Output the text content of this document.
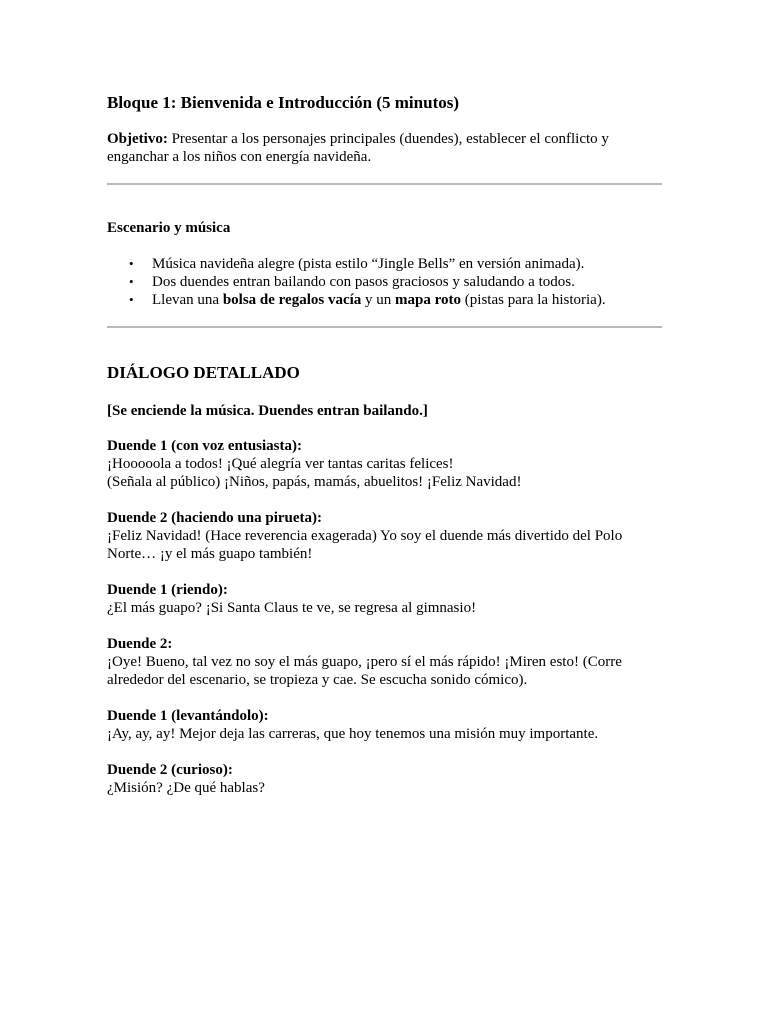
Bloque 1: Bienvenida e Introducción (5 minutos)
Objetivo: Presentar a los personajes principales (duendes), establecer el conflicto y enganchar a los niños con energía navideña.
Escenario y música
• Música navideña alegre (pista estilo “Jingle Bells” en versión animada).
• Dos duendes entran bailando con pasos graciosos y saludando a todos.
• Llevan una bolsa de regalos vacía y un mapa roto (pistas para la historia).
DIÁLOGO DETALLADO
[Se enciende la música. Duendes entran bailando.]
Duende 1 (con voz entusiasta):
¡Hooooola a todos! ¡Qué alegría ver tantas caritas felices!
(Señala al público) ¡Niños, papás, mamás, abuelitos! ¡Feliz Navidad!
Duende 2 (haciendo una pirueta):
¡Feliz Navidad! (Hace reverencia exagerada) Yo soy el duende más divertido del Polo Norte… ¡y el más guapo también!
Duende 1 (riendo):
¿El más guapo? ¡Si Santa Claus te ve, se regresa al gimnasio!
Duende 2:
¡Oye! Bueno, tal vez no soy el más guapo, ¡pero sí el más rápido! ¡Miren esto! (Corre alrededor del escenario, se tropieza y cae. Se escucha sonido cómico).
Duende 1 (levantándolo):
¡Ay, ay, ay! Mejor deja las carreras, que hoy tenemos una misión muy importante.
Duende 2 (curioso):
¿Misión? ¿De qué hablas?
